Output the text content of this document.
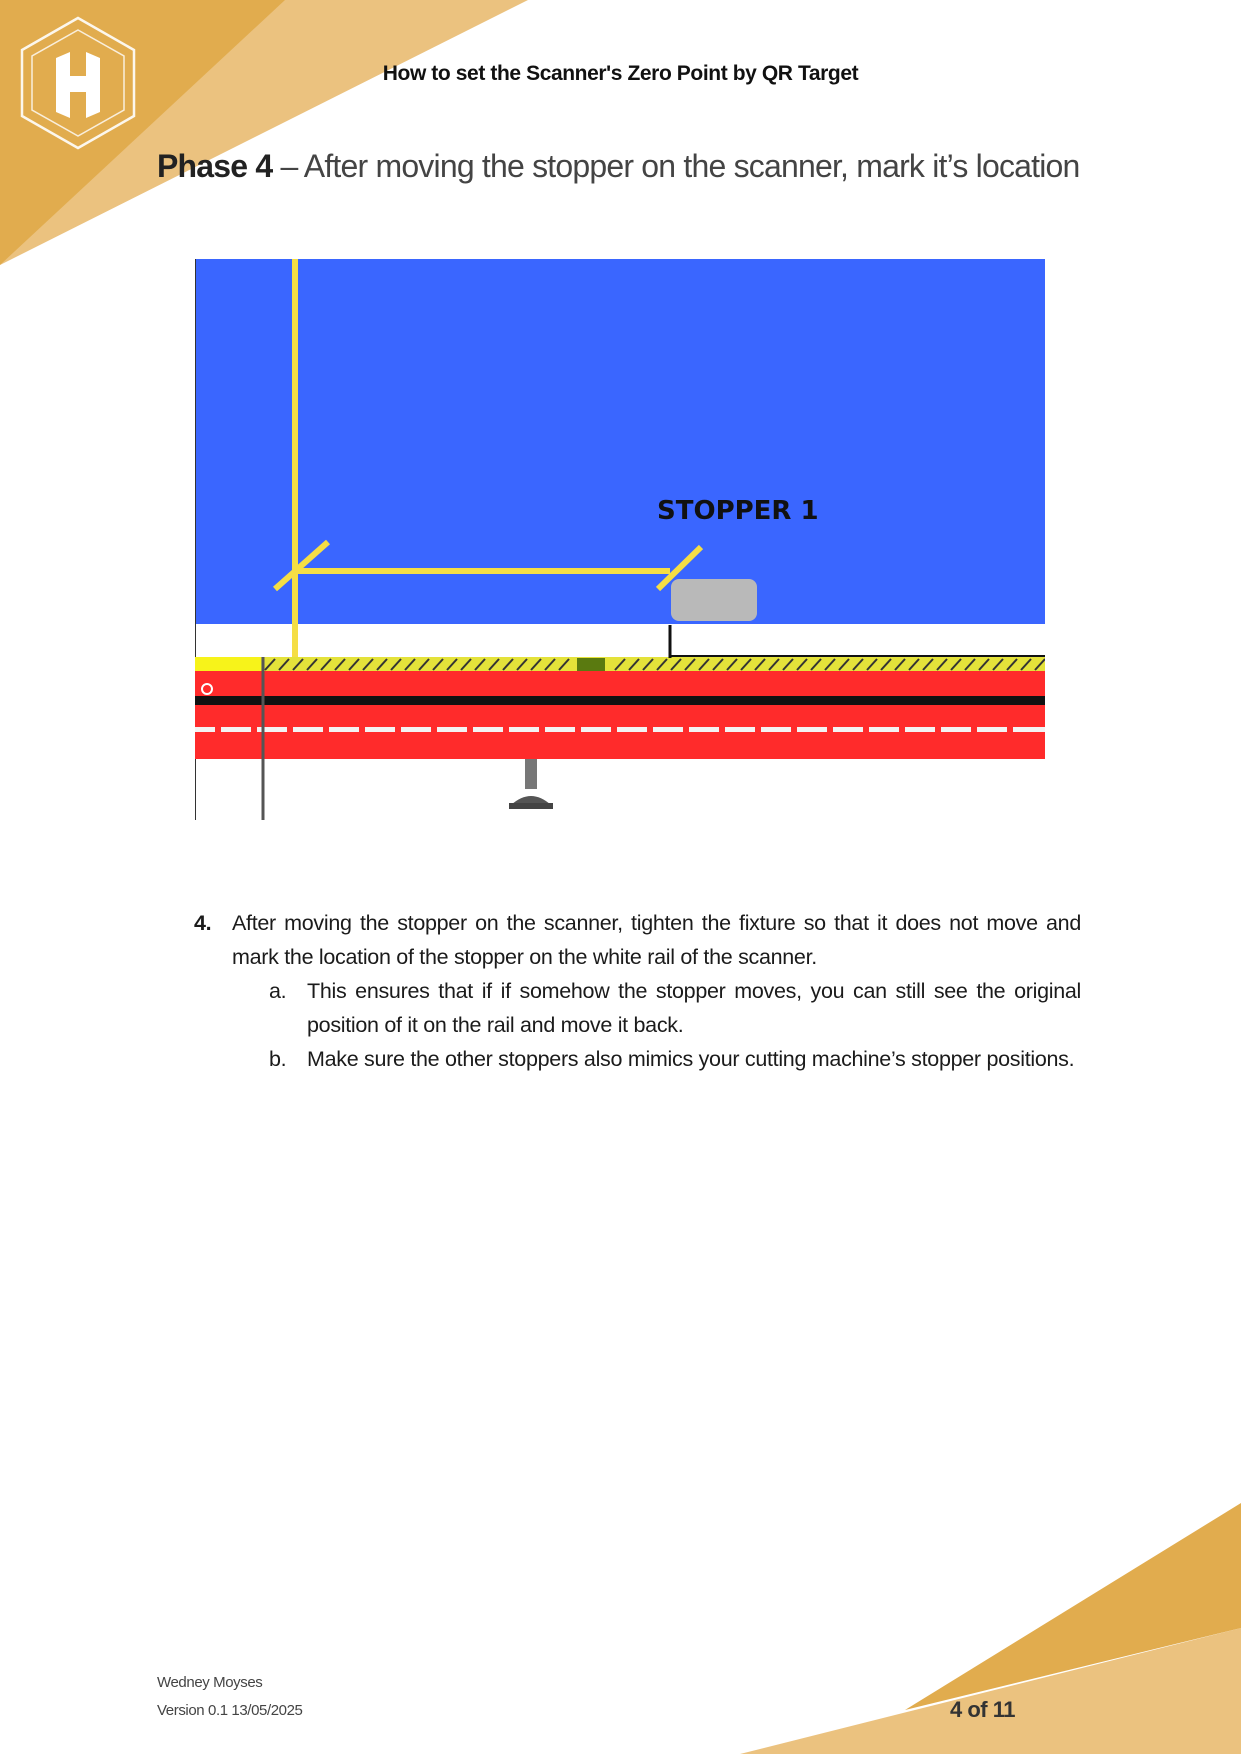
How to set the Scanner's Zero Point by QR Target
Phase 4 – After moving the stopper on the scanner, mark it’s location
STOPPER 1
4. After moving the stopper on the scanner, tighten the fixture so that it does not move and mark the location of the stopper on the white rail of the scanner.
a. This ensures that if if somehow the stopper moves, you can still see the original position of it on the rail and move it back.
b. Make sure the other stoppers also mimics your cutting machine’s stopper positions.
Wedney Moyses
Version 0.1 13/05/2025	4 of 11
